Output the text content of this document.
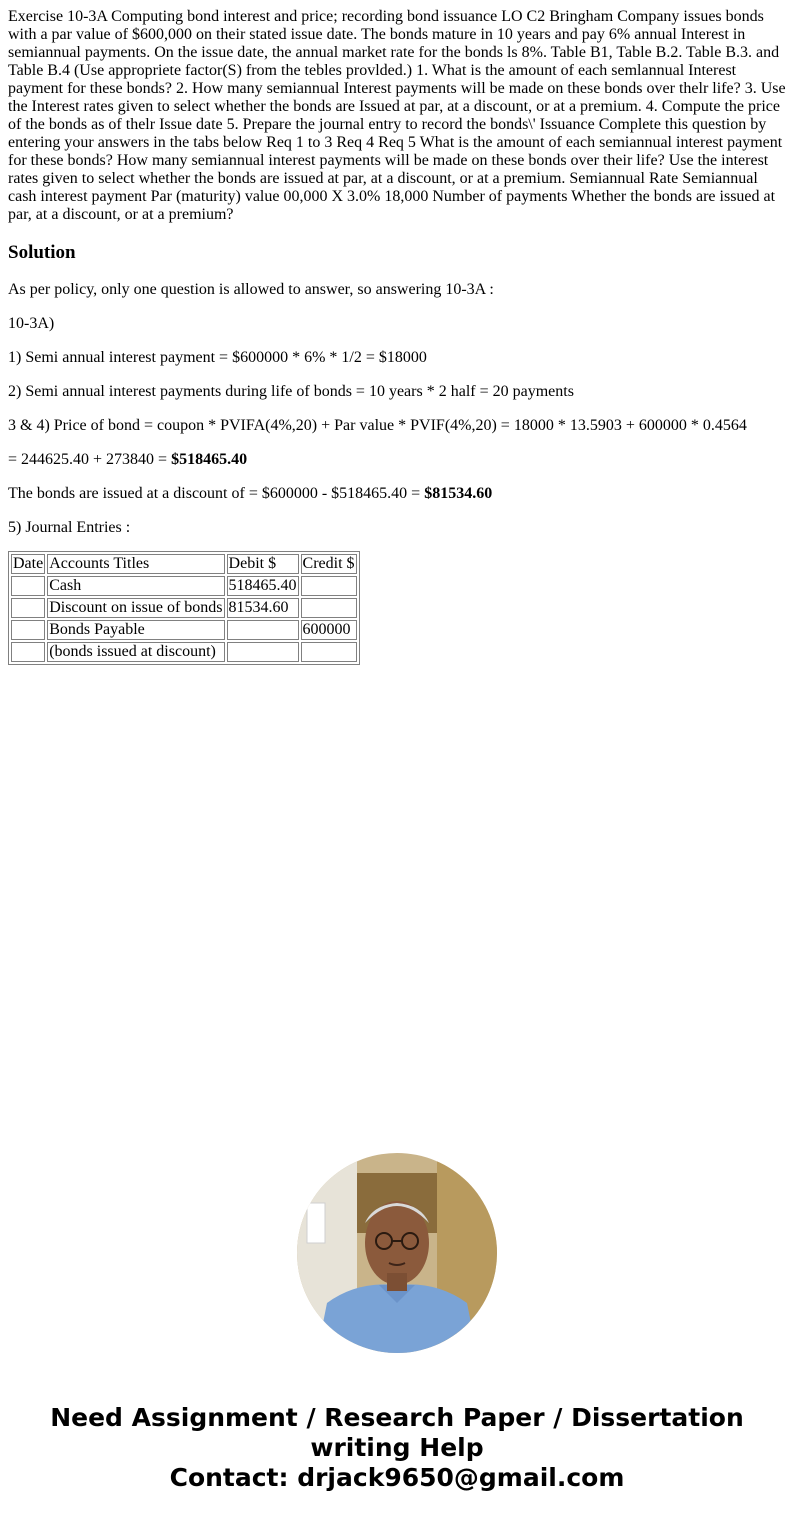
Exercise 10-3A Computing bond interest and price; recording bond issuance LO C2 Bringham Company issues bonds with a par value of $600,000 on their stated issue date. The bonds mature in 10 years and pay 6% annual Interest in semiannual payments. On the issue date, the annual market rate for the bonds ls 8%. Table B1, Table B.2. Table B.3. and Table B.4 (Use appropriete factor(S) from the tebles provlded.) 1. What is the amount of each semlannual Interest payment for these bonds? 2. How many semiannual Interest payments will be made on these bonds over thelr life? 3. Use the Interest rates given to select whether the bonds are Issued at par, at a discount, or at a premium. 4. Compute the price of the bonds as of thelr Issue date 5. Prepare the journal entry to record the bonds\' Issuance Complete this question by entering your answers in the tabs below Req 1 to 3 Req 4 Req 5 What is the amount of each semiannual interest payment for these bonds? How many semiannual interest payments will be made on these bonds over their life? Use the interest rates given to select whether the bonds are issued at par, at a discount, or at a premium. Semiannual Rate Semiannual cash interest payment Par (maturity) value 00,000 X 3.0% 18,000 Number of payments Whether the bonds are issued at par, at a discount, or at a premium?

Solution

As per policy, only one question is allowed to answer, so answering 10-3A :

10-3A)

1) Semi annual interest payment = $600000 * 6% * 1/2 = $18000

2) Semi annual interest payments during life of bonds = 10 years * 2 half = 20 payments

3 & 4) Price of bond = coupon * PVIFA(4%,20) + Par value * PVIF(4%,20) = 18000 * 13.5903 + 600000 * 0.4564

= 244625.40 + 273840 = $518465.40

The bonds are issued at a discount of = $600000 - $518465.40 = $81534.60

5) Journal Entries :

Date	Accounts Titles	Debit $	Credit $
	Cash	518465.40	
	Discount on issue of bonds	81534.60	
	Bonds Payable		600000
	(bonds issued at discount)		
Need Assignment / Research Paper / Dissertation
writing Help
Contact: drjack9650@gmail.com
